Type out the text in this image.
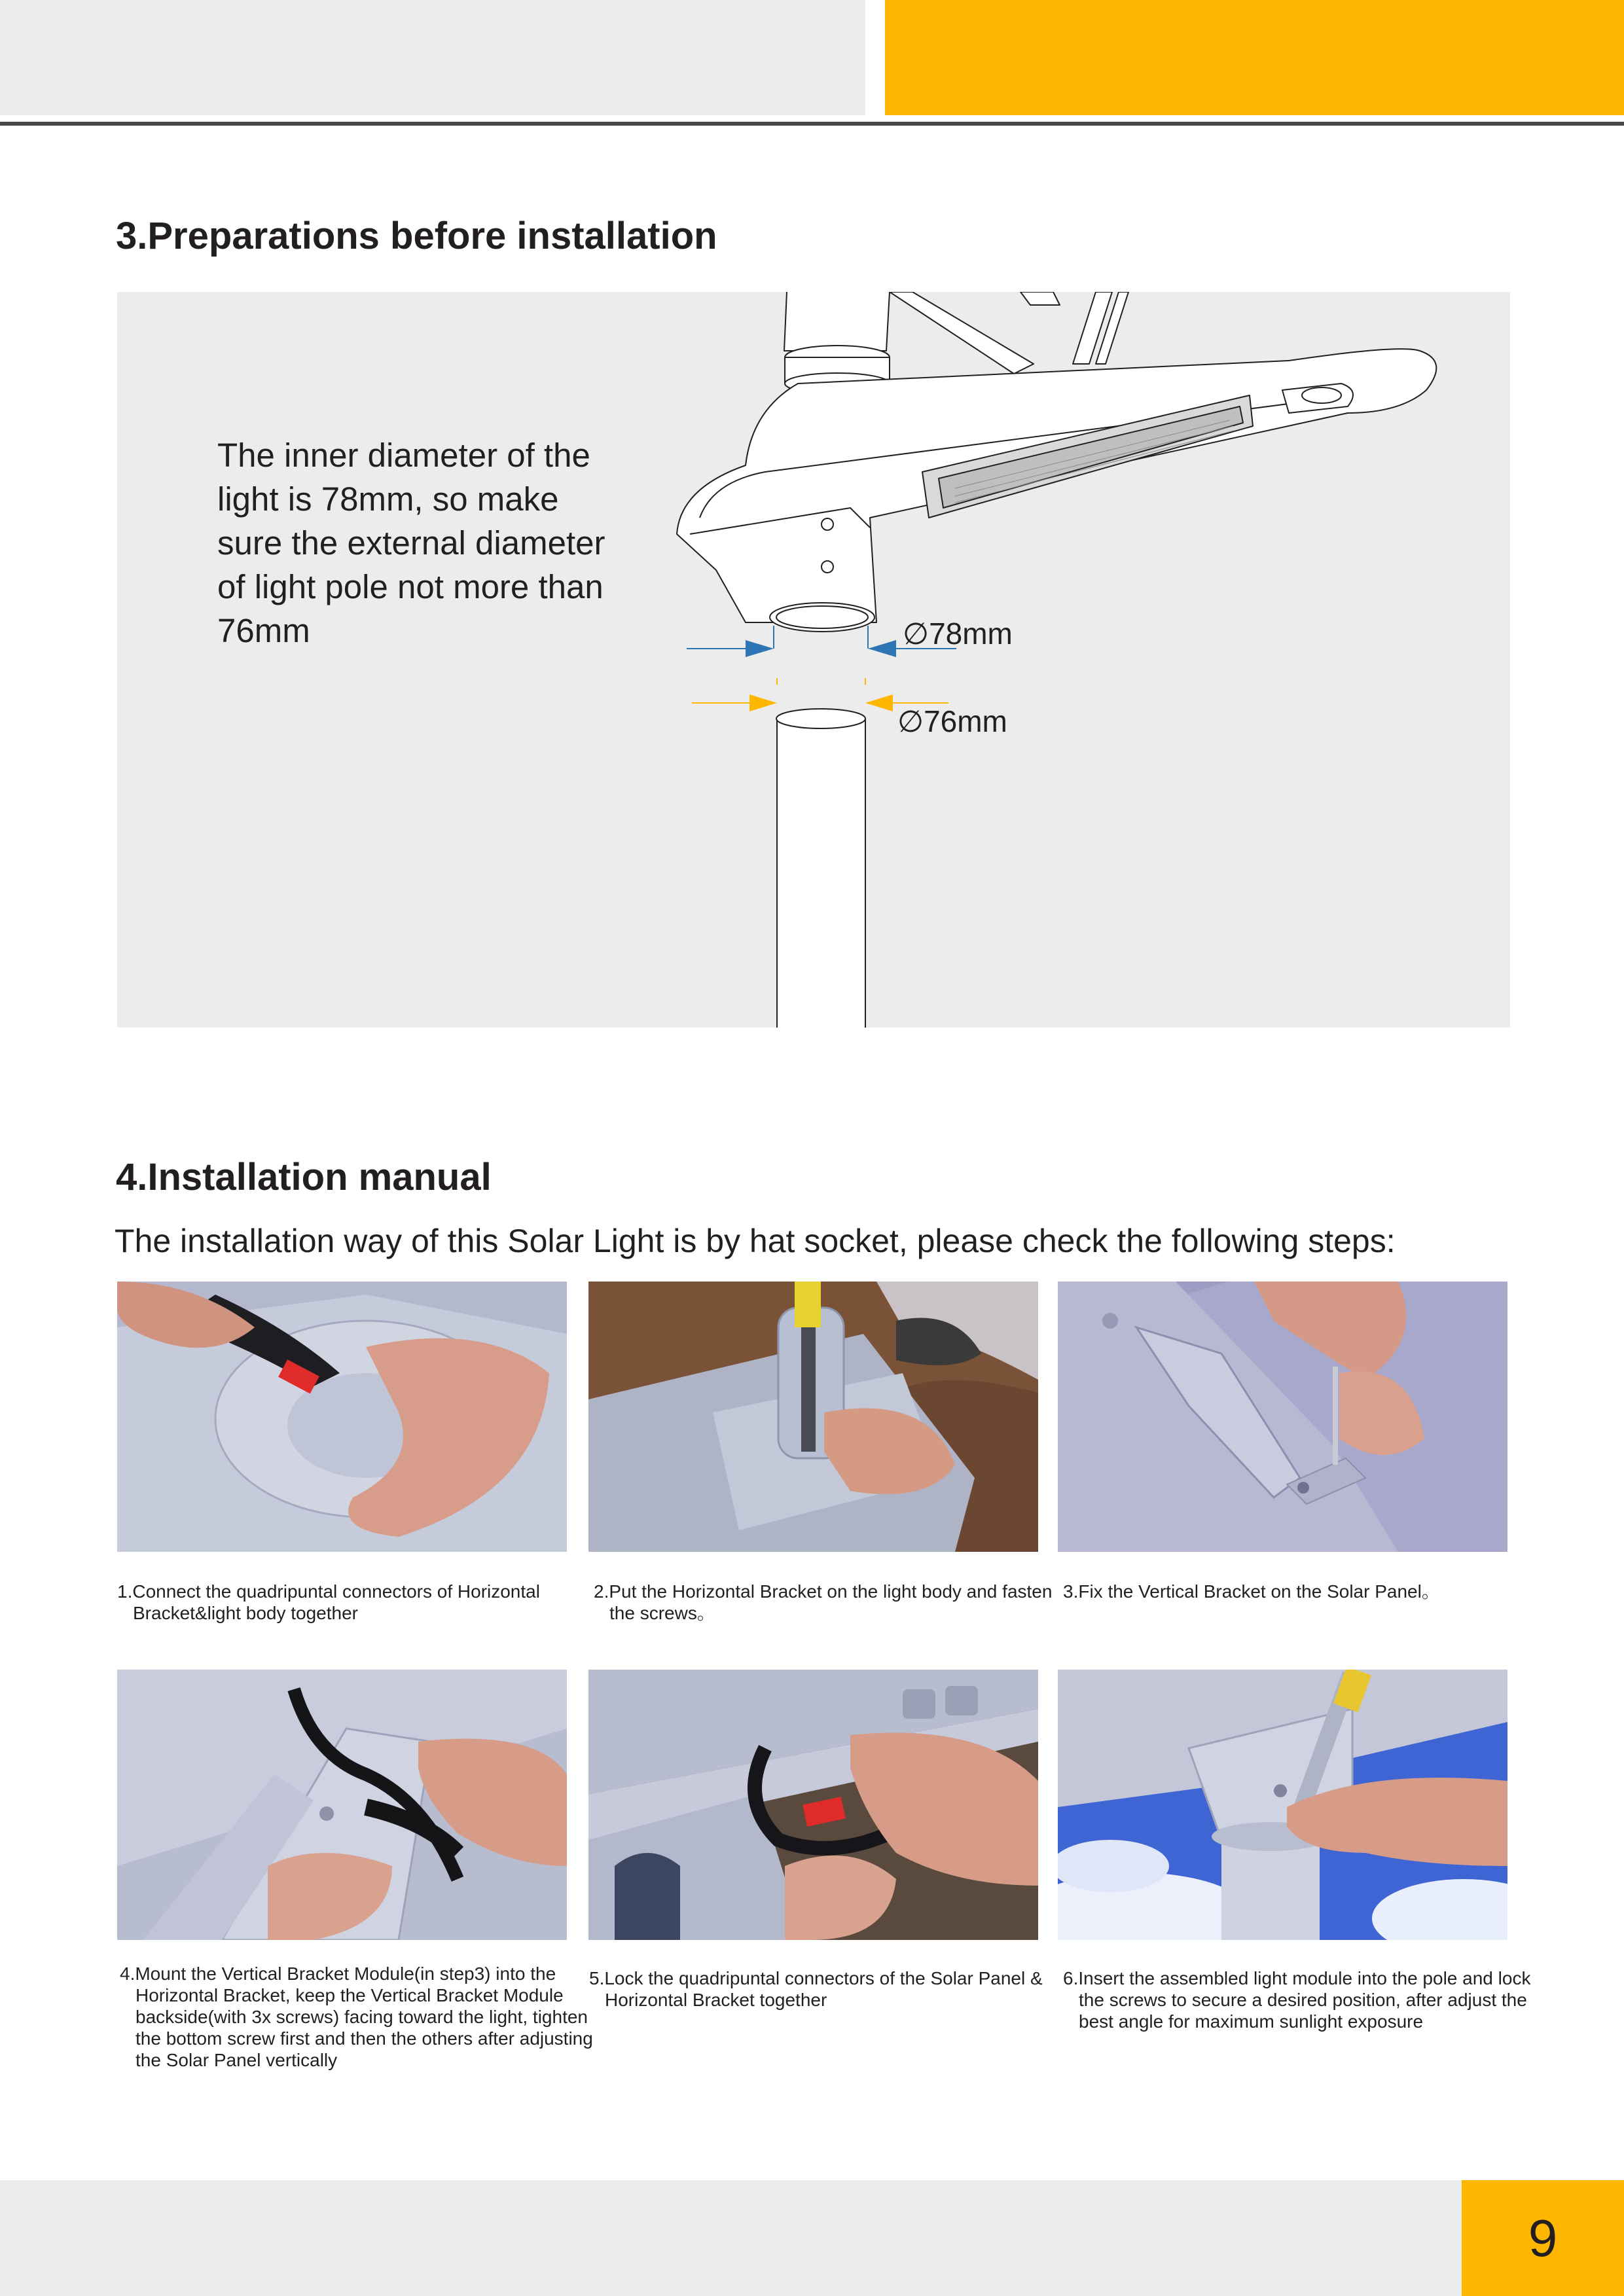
3.Preparations before installation

The inner diameter of the light is 78mm, so make sure the external diameter of light pole not more than 76mm	∅78mm
∅76mm
4.Installation manual

The installation way of this Solar Light is by hat socket, please check the following steps:

1.Connect the quadripuntal connectors of Horizontal Bracket&light body together

2.Put the Horizontal Bracket on the light body and fasten the screws。

3.Fix the Vertical Bracket on the Solar Panel。

4.Mount the Vertical Bracket Module(in step3) into the Horizontal Bracket, keep the Vertical Bracket Module backside(with 3x screws) facing toward the light, tighten the bottom screw first and then the others after adjusting the Solar Panel vertically

5.Lock the quadripuntal connectors of the Solar Panel & Horizontal Bracket together

6.Insert the assembled light module into the pole and lock the screws to secure a desired position, after adjust the best angle for maximum sunlight exposure

9
